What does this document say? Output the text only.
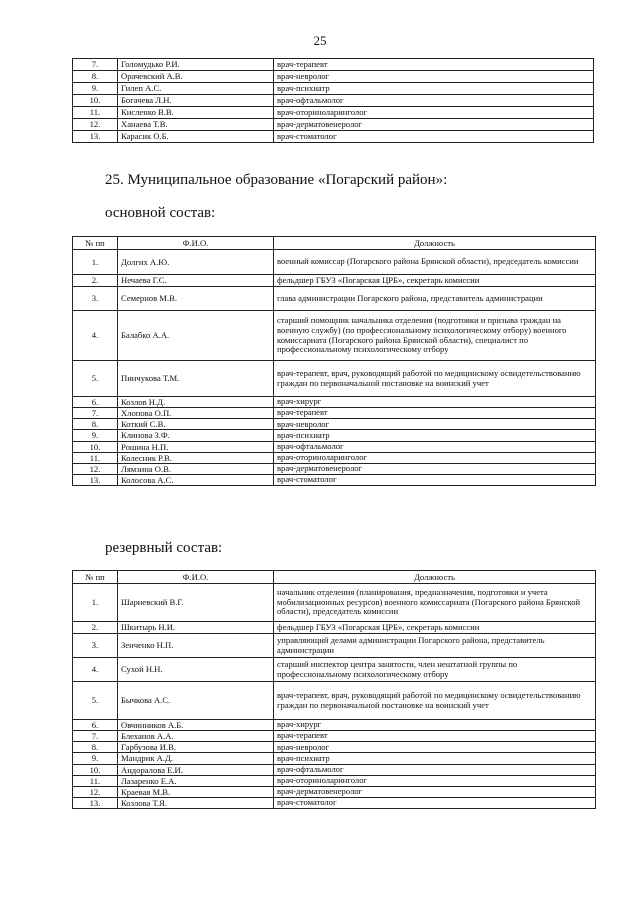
25
7.	Голомудько Р.И.	врач-терапевт
8.	Орачевский А.В.	врач-невролог
9.	Гилеп А.С.	врач-психиатр
10.	Богачева Л.Н.	врач-офтальмолог
11.	Кисленко В.В.	врач-оториноларинголог
12.	Ханаева Т.В.	врач-дерматовенеролог
13.	Карасик О.Б.	врач-стоматолог
25. Муниципальное образование «Погарский район»:
основной состав:
№ пп	Ф.И.О.	Должность
1.	Долгих А.Ю.	военный комиссар (Погарского района Брянской области), председатель комиссии
2.	Нечаева Г.С.	фельдшер ГБУЗ «Погарская ЦРБ», секретарь комиссии
3.	Семернов М.В.	глава администрации Погарского района, представитель администрации
4.	Балабко А.А.	старший помощник начальника отделения (подготовки и призыва граждан на военную службу) (по профессиональному психологическому отбору) военного комиссариата (Погарского района Брянской области), специалист по профессиональному психологическому отбору
5.	Пинчукова Т.М.	врач-терапевт, врач, руководящий работой по медицинскому освидетельствованию граждан по первоначальной постановке на воинский учет
6.	Козлов Н.Д.	врач-хирург
7.	Хлопова О.П.	врач-терапевт
8.	Коткий С.В.	врач-невролог
9.	Клинова З.Ф.	врач-психиатр
10.	Рошина Н.П.	врач-офтальмолог
11.	Колесник Р.В.	врач-оториноларинголог
12.	Лямзина О.В.	врач-дерматовенеролог
13.	Колосова А.С.	врач-стоматолог
резервный состав:
№ пп	Ф.И.О.	Должность
1.	Шарневский В.Г.	начальник отделения (планирования, предназначения, подготовки и учета мобилизационных ресурсов) военного комиссариата (Погарского района Брянской области), председатель комиссии
2.	Шкитырь Н.И.	фельдшер ГБУЗ «Погарская ЦРБ», секретарь комиссии
3.	Зенченко Н.П.	управляющий делами администрации Погарского района, представитель администрации
4.	Сухой Н.Н.	старший инспектор центра занятости, член нештатной группы по профессиональному психологическому отбору
5.	Бычкова А.С.	врач-терапевт, врач, руководящий работой по медицинскому освидетельствованию граждан по первоначальной постановке на воинский учет
6.	Овчинников А.Б.	врач-хирург
7.	Блеханов А.А.	врач-терапевт
8.	Гарбузова И.В.	врач-невролог
9.	Мандрик А.Д.	врач-психиатр
10.	Андоралова Е.И.	врач-офтальмолог
11.	Лазаренко Е.А.	врач-оториноларинголог
12.	Краевая М.В.	врач-дерматовенеролог
13.	Козлова Т.Я.	врач-стоматолог
